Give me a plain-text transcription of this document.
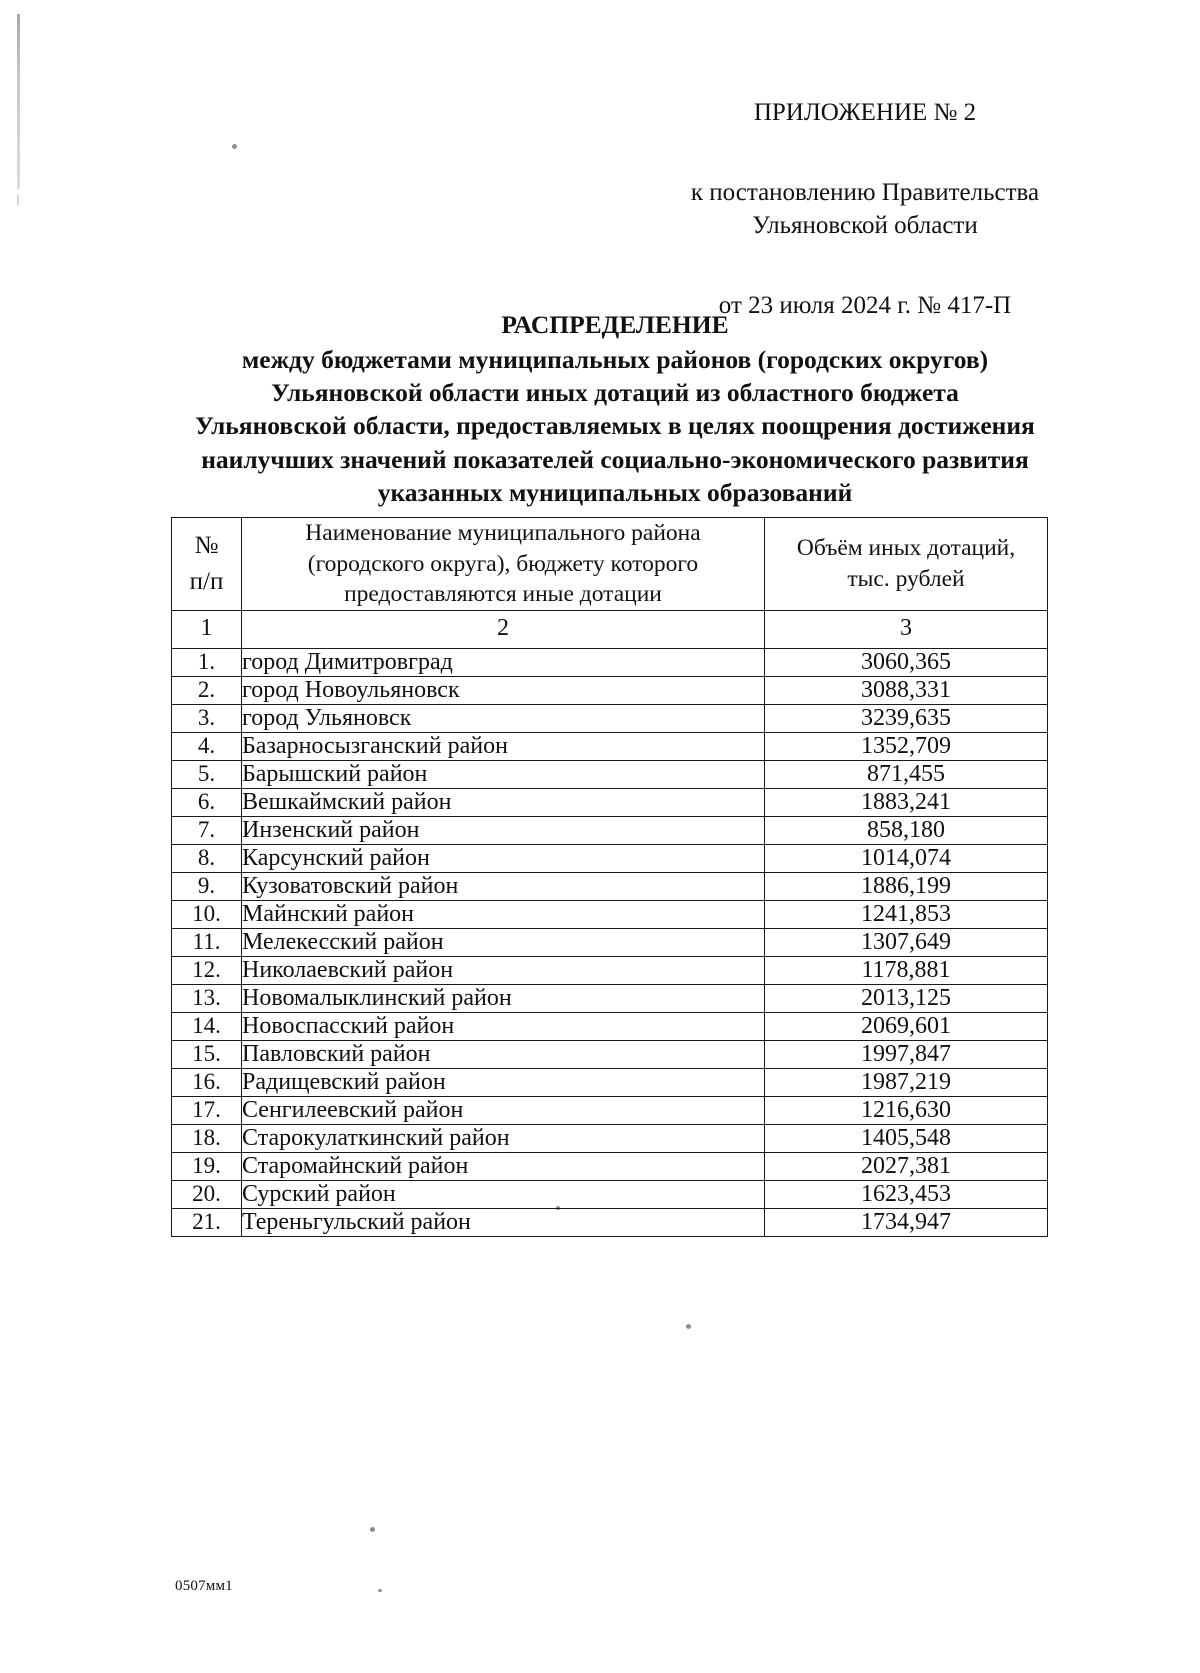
ПРИЛОЖЕНИЕ № 2

к постановлению Правительства

Ульяновской области

от 23 июля 2024 г. № 417-П

РАСПРЕДЕЛЕНИЕ

между бюджетами муниципальных районов (городских округов)

Ульяновской области иных дотаций из областного бюджета

Ульяновской области, предоставляемых в целях поощрения достижения

наилучших значений показателей социально-экономического развития

указанных муниципальных образований

№
п/п

Наименование муниципального района
(городского округа), бюджету которого
предоставляются иные дотации

Объём иных дотаций,
тыс. рублей

1	2	3
1.	город Димитровград	3060,365
2.	город Новоульяновск	3088,331
3.	город Ульяновск	3239,635
4.	Базарносызганский район	1352,709
5.	Барышский район	871,455
6.	Вешкаймский район	1883,241
7.	Инзенский район	858,180
8.	Карсунский район	1014,074
9.	Кузоватовский район	1886,199
10.	Майнский район	1241,853
11.	Мелекесский район	1307,649
12.	Николаевский район	1178,881
13.	Новомалыклинский район	2013,125
14.	Новоспасский район	2069,601
15.	Павловский район	1997,847
16.	Радищевский район	1987,219
17.	Сенгилеевский район	1216,630
18.	Старокулаткинский район	1405,548
19.	Старомайнский район	2027,381
20.	Сурский район	1623,453
21.	Тереньгульский район	1734,947
0507мм1
